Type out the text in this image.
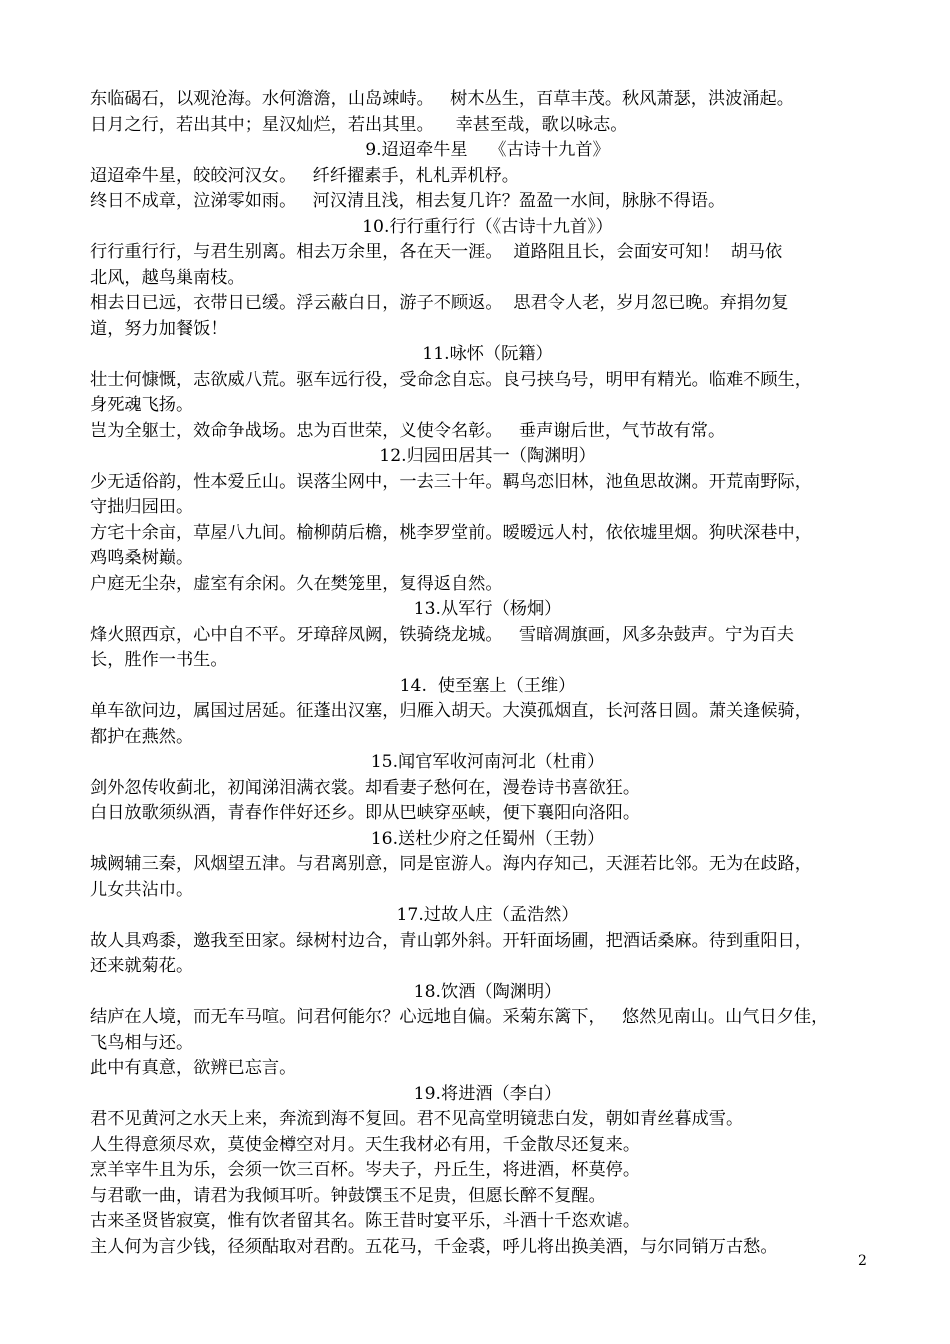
东临碣石，以观沧海。水何澹澹，山岛竦峙。   树木丛生，百草丰茂。秋风萧瑟，洪波涌起。
日月之行，若出其中；星汉灿烂，若出其里。    幸甚至哉，歌以咏志。
9.迢迢牵牛星    《古诗十九首》
迢迢牵牛星，皎皎河汉女。   纤纤擢素手，札札弄机杼。
终日不成章，泣涕零如雨。   河汉清且浅，相去复几许？盈盈一水间，脉脉不得语。
10.行行重行行（《古诗十九首》）
行行重行行，与君生别离。相去万余里，各在天一涯。  道路阻且长，会面安可知！  胡马依
北风，越鸟巢南枝。
相去日已远，衣带日已缓。浮云蔽白日，游子不顾返。  思君令人老，岁月忽已晚。弃捐勿复
道，努力加餐饭！
11.咏怀（阮籍）
壮士何慷慨，志欲威八荒。驱车远行役，受命念自忘。良弓挟乌号，明甲有精光。临难不顾生，
身死魂飞扬。
岂为全躯士，效命争战场。忠为百世荣，义使令名彰。   垂声谢后世，气节故有常。
12.归园田居其一（陶渊明）
少无适俗韵，性本爱丘山。误落尘网中，一去三十年。羁鸟恋旧林，池鱼思故渊。开荒南野际，
守拙归园田。
方宅十余亩，草屋八九间。榆柳荫后檐，桃李罗堂前。暧暧远人村，依依墟里烟。狗吠深巷中，
鸡鸣桑树巅。
户庭无尘杂，虚室有余闲。久在樊笼里，复得返自然。
13.从军行（杨炯）
烽火照西京，心中自不平。牙璋辞凤阙，铁骑绕龙城。   雪暗凋旗画，风多杂鼓声。宁为百夫
长，胜作一书生。
14.  使至塞上（王维）
单车欲问边，属国过居延。征蓬出汉塞，归雁入胡天。大漠孤烟直，长河落日圆。萧关逢候骑，
都护在燕然。
15.闻官军收河南河北（杜甫）
剑外忽传收蓟北，初闻涕泪满衣裳。却看妻子愁何在，漫卷诗书喜欲狂。
白日放歌须纵酒，青春作伴好还乡。即从巴峡穿巫峡，便下襄阳向洛阳。
16.送杜少府之任蜀州（王勃）
城阙辅三秦，风烟望五津。与君离别意，同是宦游人。海内存知己，天涯若比邻。无为在歧路，
儿女共沾巾。
17.过故人庄（孟浩然）
故人具鸡黍，邀我至田家。绿树村边合，青山郭外斜。开轩面场圃，把酒话桑麻。待到重阳日，
还来就菊花。
18.饮酒（陶渊明）
结庐在人境，而无车马喧。问君何能尔？心远地自偏。采菊东篱下，   悠然见南山。山气日夕佳，
飞鸟相与还。
此中有真意，欲辨已忘言。
19.将进酒（李白）
君不见黄河之水天上来，奔流到海不复回。君不见高堂明镜悲白发，朝如青丝暮成雪。
人生得意须尽欢，莫使金樽空对月。天生我材必有用，千金散尽还复来。
烹羊宰牛且为乐，会须一饮三百杯。岑夫子，丹丘生，将进酒，杯莫停。
与君歌一曲，请君为我倾耳听。钟鼓馔玉不足贵，但愿长醉不复醒。
古来圣贤皆寂寞，惟有饮者留其名。陈王昔时宴平乐，斗酒十千恣欢谑。
主人何为言少钱，径须酤取对君酌。五花马，千金裘，呼儿将出换美酒，与尔同销万古愁。
2
